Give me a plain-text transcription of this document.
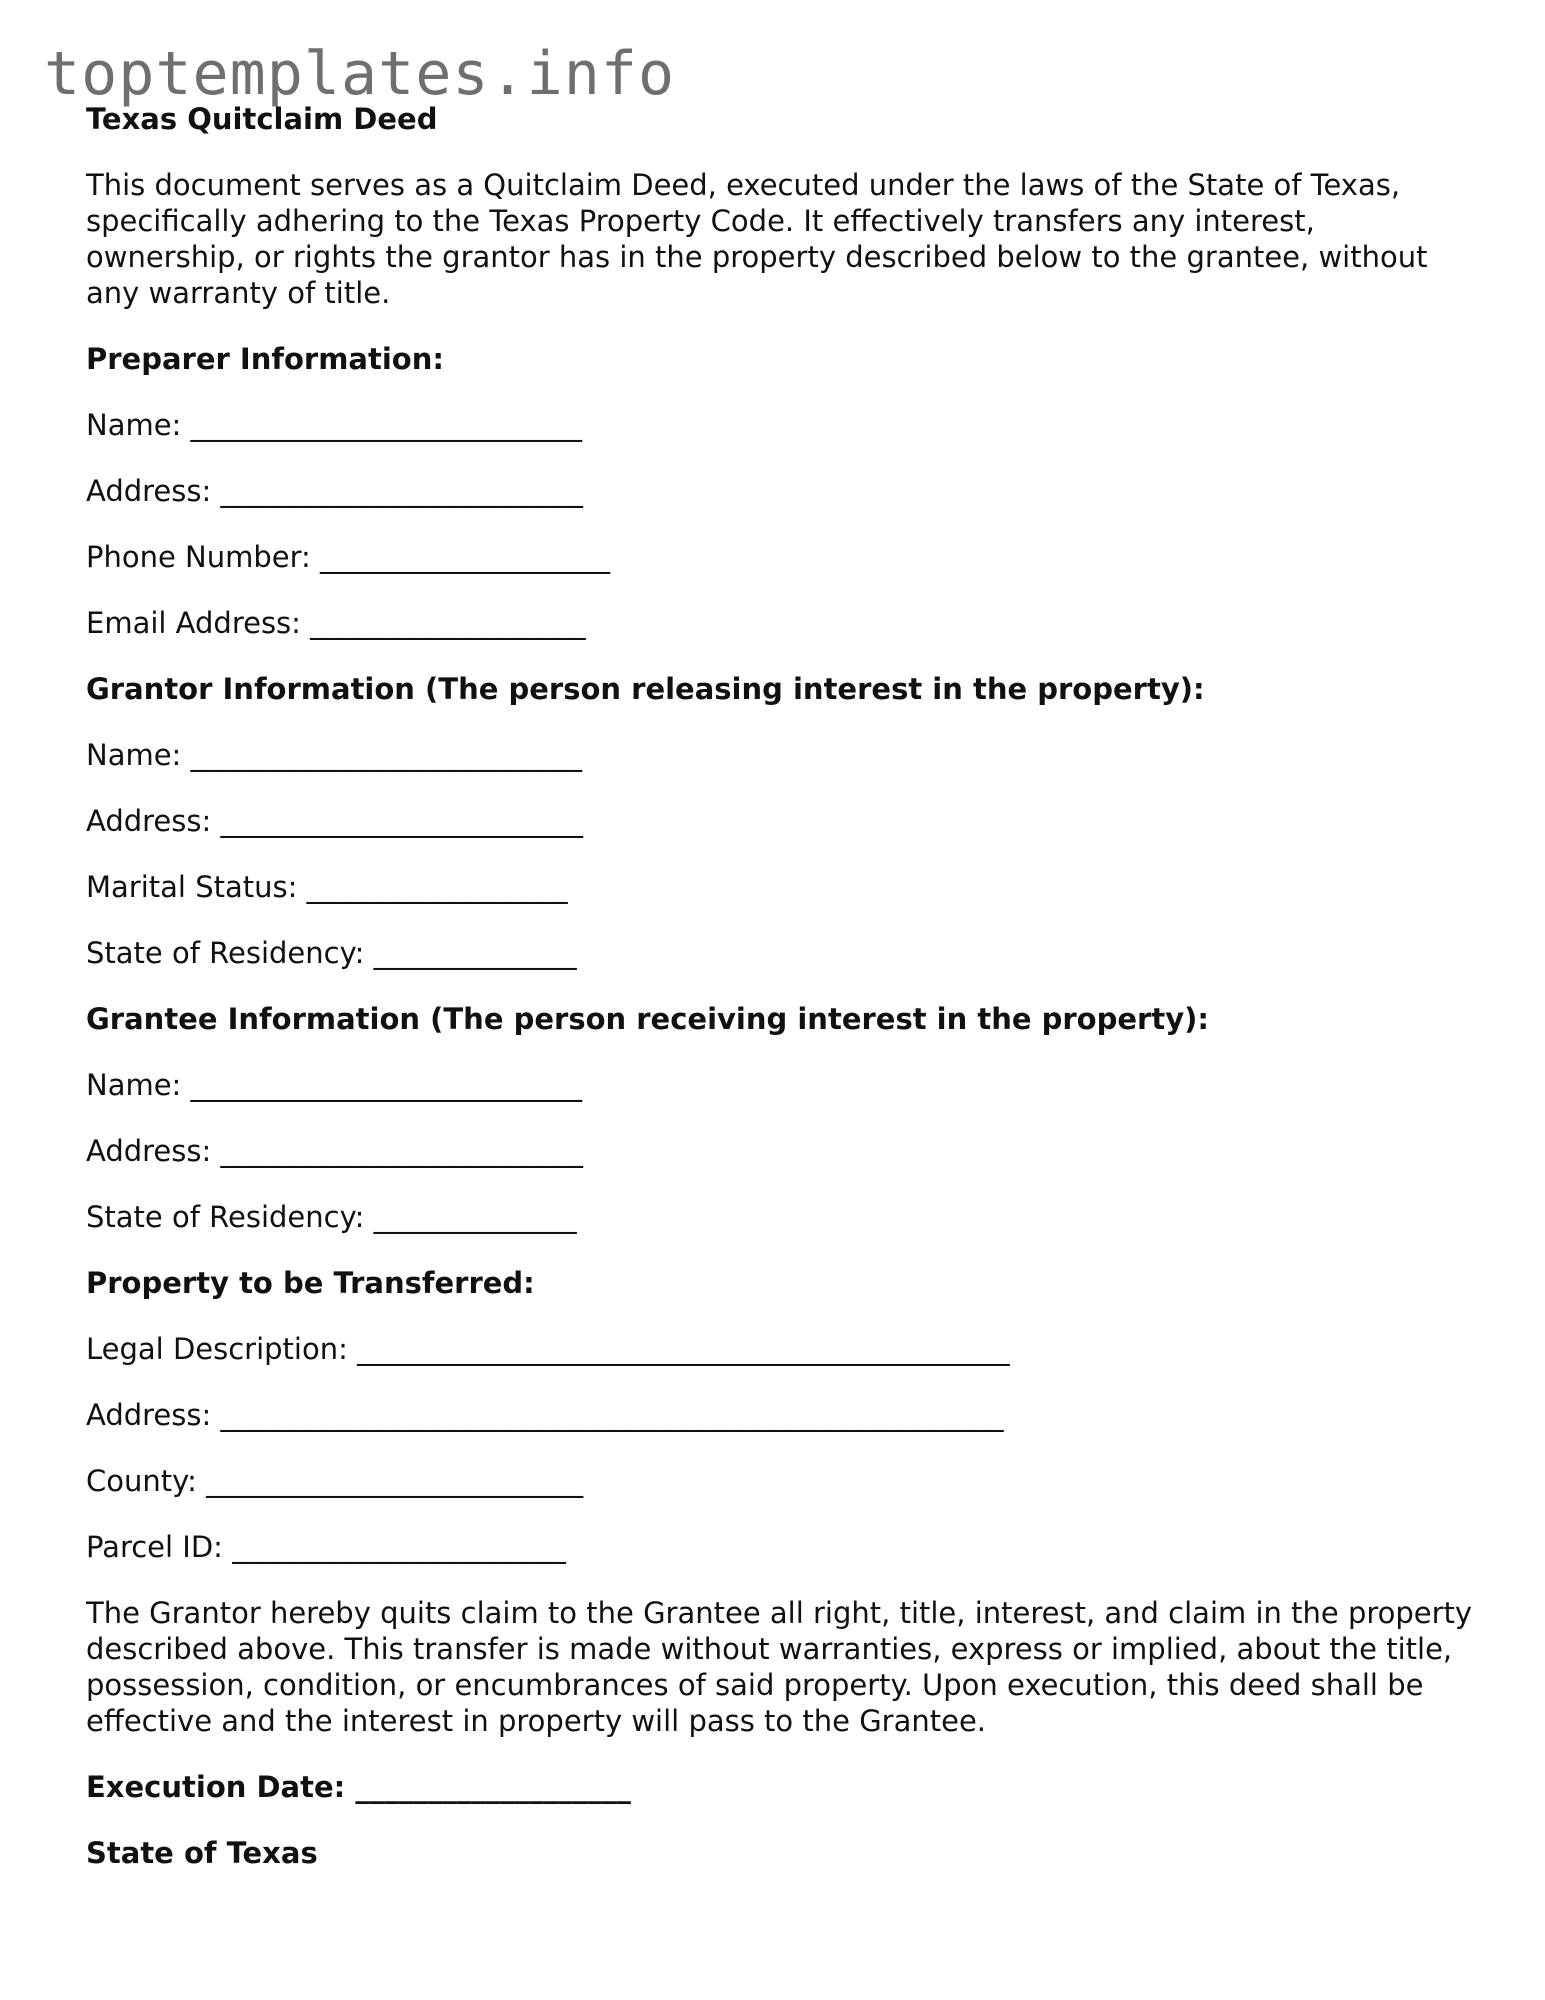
toptemplates.info
Texas Quitclaim Deed
This document serves as a Quitclaim Deed, executed under the laws of the State of Texas, specifically adhering to the Texas Property Code. It effectively transfers any interest, ownership, or rights the grantor has in the property described below to the grantee, without any warranty of title.
Preparer Information:
Name: ___________________________
Address: _________________________
Phone Number: ____________________
Email Address: ___________________
Grantor Information (The person releasing interest in the property):
Name: ___________________________
Address: _________________________
Marital Status: __________________
State of Residency: ______________
Grantee Information (The person receiving interest in the property):
Name: ___________________________
Address: _________________________
State of Residency: ______________
Property to be Transferred:
Legal Description: _____________________________________________
Address: ______________________________________________________
County: __________________________
Parcel ID: _______________________
The Grantor hereby quits claim to the Grantee all right, title, interest, and claim in the property described above. This transfer is made without warranties, express or implied, about the title, possession, condition, or encumbrances of said property. Upon execution, this deed shall be effective and the interest in property will pass to the Grantee.
Execution Date: ___________________
State of Texas
